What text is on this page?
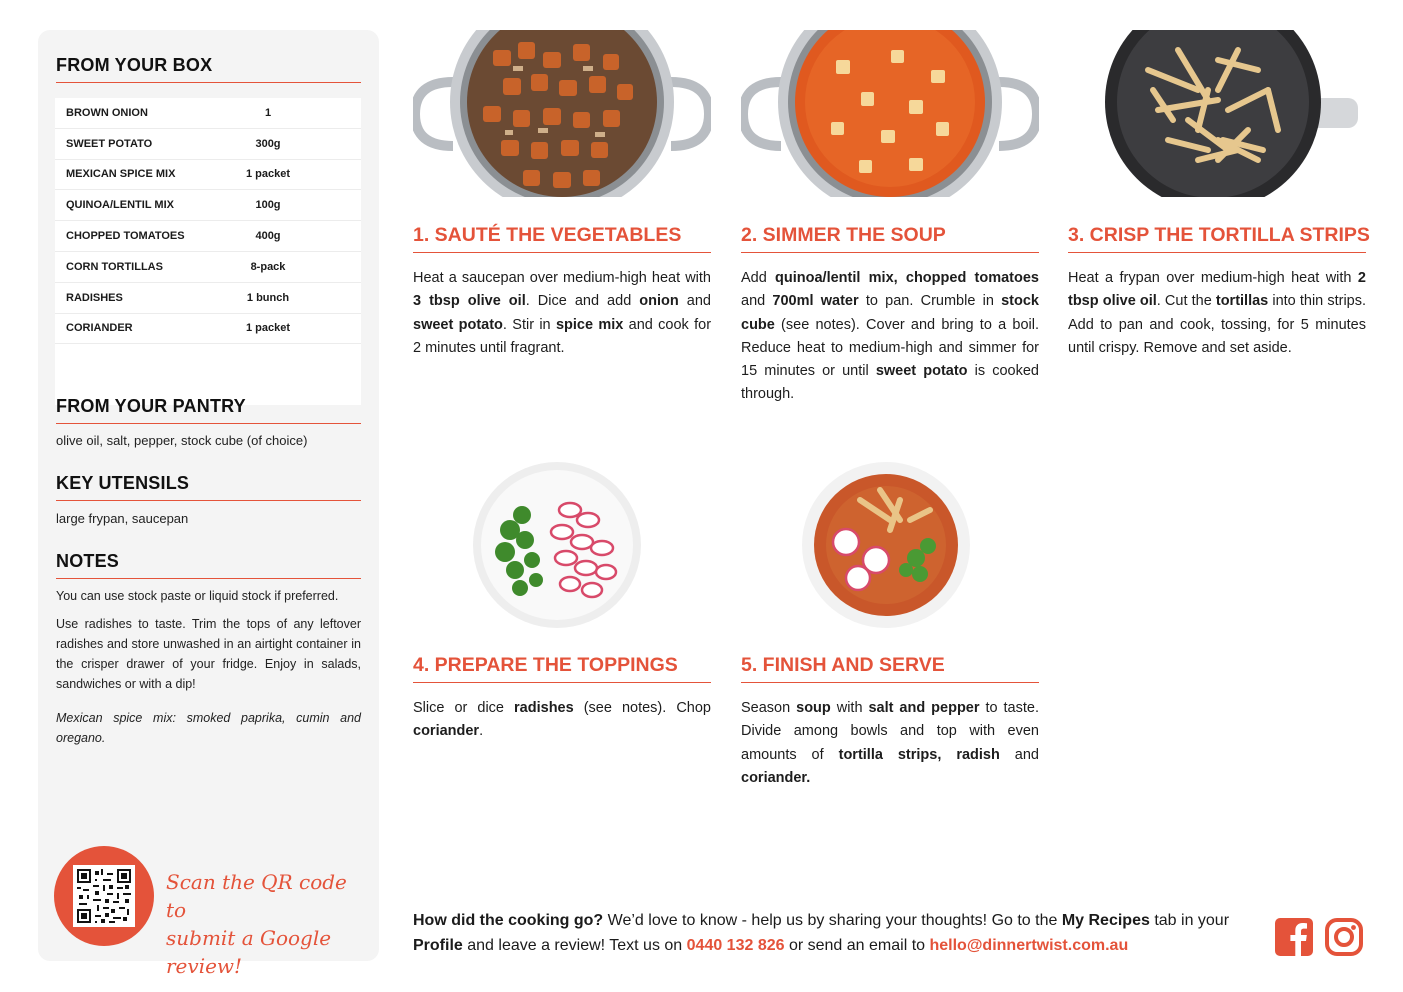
FROM YOUR BOX
BROWN ONION	1
SWEET POTATO	300g
MEXICAN SPICE MIX	1 packet
QUINOA/LENTIL MIX	100g
CHOPPED TOMATOES	400g
CORN TORTILLAS	8-pack
RADISHES	1 bunch
CORIANDER	1 packet
FROM YOUR PANTRY
olive oil, salt, pepper, stock cube (of choice)
KEY UTENSILS
large frypan, saucepan
NOTES

You can use stock paste or liquid stock if preferred.

Use radishes to taste. Trim the tops of any leftover radishes and store unwashed in an airtight container in the crisper drawer of your fridge. Enjoy in salads, sandwiches or with a dip!

Mexican spice mix: smoked paprika, cumin and oregano.

Scan the QR code to
submit a Google review!
1. SAUTÉ THE VEGETABLES
Heat a saucepan over medium-high heat with 3 tbsp olive oil. Dice and add onion and sweet potato. Stir in spice mix and cook for 2 minutes until fragrant.
2. SIMMER THE SOUP
Add quinoa/lentil mix, chopped tomatoes and 700ml water to pan. Crumble in stock cube (see notes). Cover and bring to a boil. Reduce heat to medium-high and simmer for 15 minutes or until sweet potato is cooked through.
3. CRISP THE TORTILLA STRIPS
Heat a frypan over medium-high heat with 2 tbsp olive oil. Cut the tortillas into thin strips. Add to pan and cook, tossing, for 5 minutes until crispy. Remove and set aside.
4. PREPARE THE TOPPINGS
Slice or dice radishes (see notes). Chop coriander.
5. FINISH AND SERVE
Season soup with salt and pepper to taste. Divide among bowls and top with even amounts of tortilla strips, radish and coriander.
How did the cooking go? We’d love to know - help us by sharing your thoughts! Go to the My Recipes tab in your Profile and leave a review! Text us on 0440 132 826 or send an email to hello@dinnertwist.com.au
